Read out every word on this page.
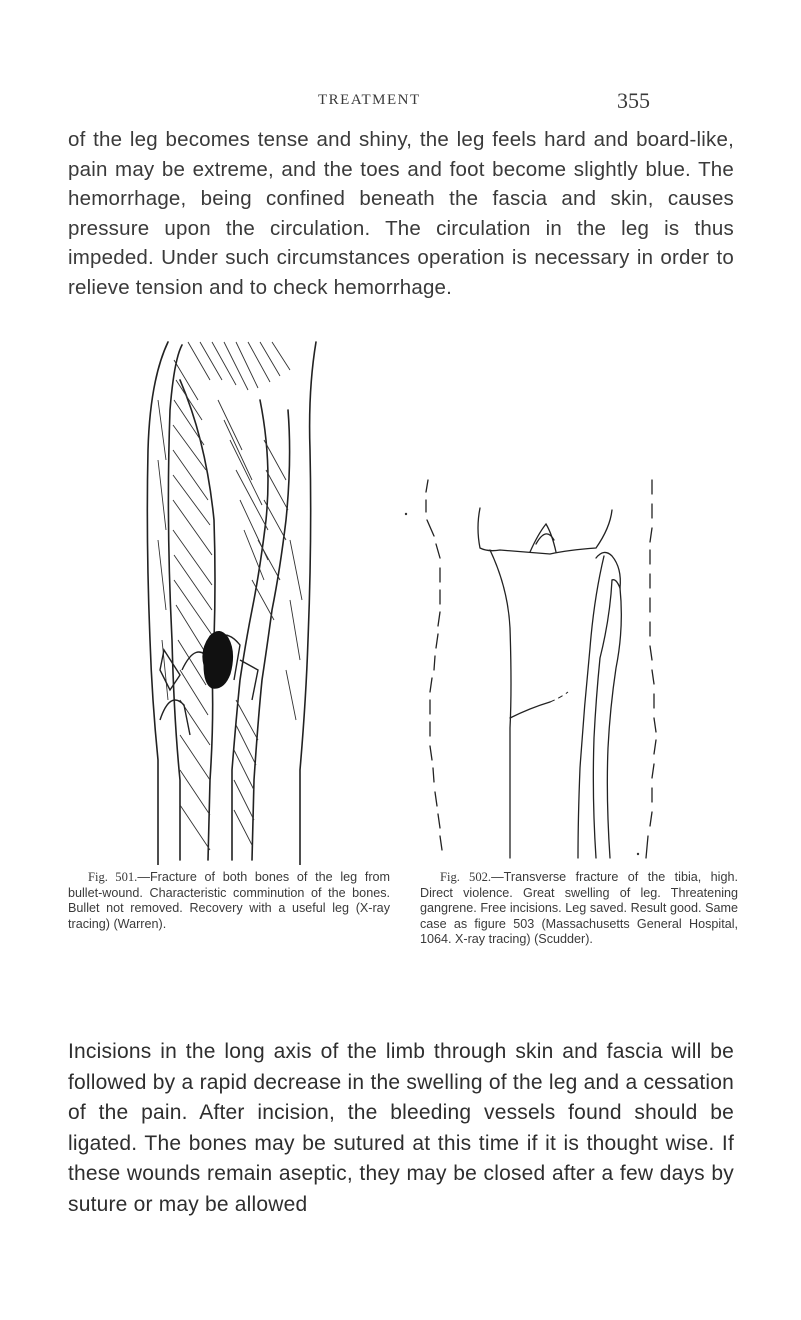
TREATMENT	355

of the leg becomes tense and shiny, the leg feels hard and board-like, pain may be extreme, and the toes and foot become slightly blue. The hemorrhage, being confined beneath the fascia and skin, causes pressure upon the circulation. The circulation in the leg is thus impeded. Under such circumstances operation is necessary in order to relieve tension and to check hemorrhage.

Fig. 501.—Fracture of both bones of the leg from bullet-wound. Characteristic comminution of the bones. Bullet not removed. Recovery with a useful leg (X-ray tracing) (Warren).

Fig. 502.—Transverse fracture of the tibia, high. Direct violence. Great swelling of leg. Threatening gangrene. Free incisions. Leg saved. Result good. Same case as figure 503 (Massachusetts General Hospital, 1064. X-ray tracing) (Scudder).

Incisions in the long axis of the limb through skin and fascia will be followed by a rapid decrease in the swelling of the leg and a cessation of the pain. After incision, the bleeding vessels found should be ligated. The bones may be sutured at this time if it is thought wise. If these wounds remain aseptic, they may be closed after a few days by suture or may be allowed
